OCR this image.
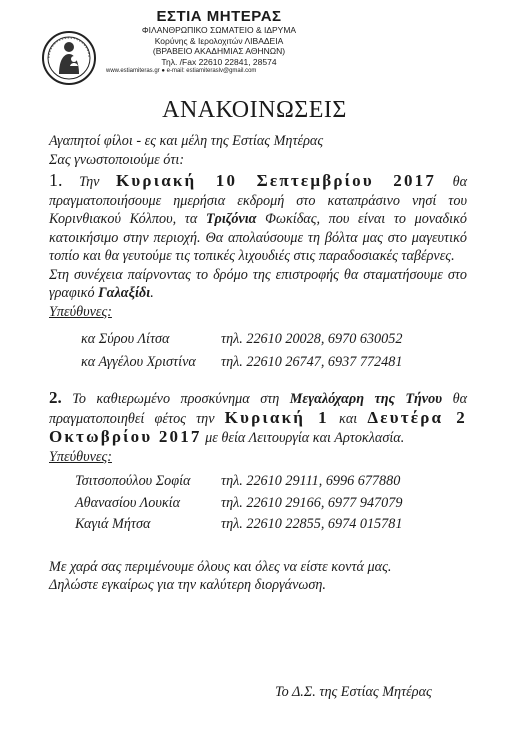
ΕΣΤΙΑ ΜΗΤΕΡΑΣ
ΦΙΛΑΝΘΡΩΠΙΚΟ ΣΩΜΑΤΕΙΟ & ΙΔΡΥΜΑ
Κορύνης & Ιερολοχιτών ΛΙΒΑΔΕΙΑ
(ΒΡΑΒΕΙΟ ΑΚΑΔΗΜΙΑΣ ΑΘΗΝΩΝ)
Τηλ. /Fax 22610 22841, 28574
www.estiamiteras.gr ● e-mail: estiamiteraslv@gmail.com
ΑΝΑΚΟΙΝΩΣΕΙΣ

Αγαπητοί φίλοι - ες και μέλη της Εστίας Μητέρας

Σας γνωστοποιούμε ότι:

1. Την Κυριακή 10 Σεπτεμβρίου 2017 θα πραγματοποιήσουμε ημερήσια εκδρομή στο καταπράσινο νησί του Κορινθιακού Κόλπου, τα Τριζόνια Φωκίδας, που είναι το μοναδικό κατοικήσιμο στην περιοχή. Θα απολαύσουμε τη βόλτα μας στο μαγευτικό τοπίο και θα γευτούμε τις τοπικές λιχουδιές στις παραδοσιακές ταβέρνες.

Στη συνέχεια παίρνοντας το δρόμο της επιστροφής θα σταματήσουμε στο γραφικό Γαλαξίδι.

Υπεύθυνες:

κα Σύρου Λίτσα	τηλ. 22610 20028, 6970 630052
κα Αγγέλου Χριστίνα	τηλ. 22610 26747, 6937 772481

2. Το καθιερωμένο προσκύνημα στη Μεγαλόχαρη της Τήνου θα πραγματοποιηθεί φέτος την Κυριακή 1 και Δευτέρα 2 Οκτωβρίου 2017 με θεία Λειτουργία και Αρτοκλασία.

Υπεύθυνες:

Τσιτσοπούλου Σοφία	τηλ. 22610 29111, 6996 677880
Αθανασίου Λουκία	τηλ. 22610 29166, 6977 947079
Καγιά Μήτσα	τηλ. 22610 22855, 6974 015781

Με χαρά σας περιμένουμε όλους και όλες να είστε κοντά μας.

Δηλώστε εγκαίρως για την καλύτερη διοργάνωση.

Το Δ.Σ. της Εστίας Μητέρας
